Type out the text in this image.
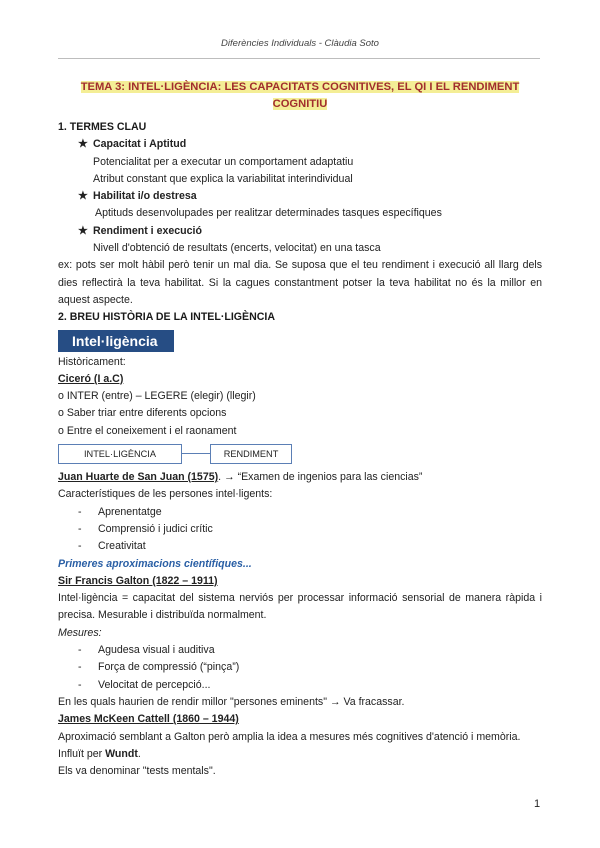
Diferències Individuals - Clàudia Soto
TEMA 3: INTEL·LIGÈNCIA: LES CAPACITATS COGNITIVES, EL QI I EL RENDIMENT
COGNITIU
1. TERMES CLAU
★ Capacitat i Aptitud
Potencialitat per a executar un comportament adaptatiu
Atribut constant que explica la variabilitat interindividual
★ Habilitat i/o destresa
Aptituds desenvolupades per realitzar determinades tasques específiques
★ Rendiment i execució
Nivell d'obtenció de resultats (encerts, velocitat) en una tasca
ex: pots ser molt hàbil però tenir un mal dia. Se suposa que el teu rendiment i execució all llarg dels dies reflectirà la teva habilitat. Si la cagues constantment potser la teva habilitat no és la millor en aquest aspecte.
2. BREU HISTÒRIA DE LA INTEL·LIGÈNCIA
Intel·ligència
Històricament:
Ciceró (I a.C)
o INTER (entre) – LEGERE (elegir) (llegir)
o Saber triar entre diferents opcions
o Entre el coneixement i el raonament
INTEL·LIGÈNCIA	RENDIMENT
Juan Huarte de San Juan (1575). → “Examen de ingenios para las ciencias”
Característiques de les persones intel·ligents:
-	Aprenentatge
-	Comprensió i judici crític
-	Creativitat
Primeres aproximacions científiques...
Sir Francis Galton (1822 – 1911)
Intel·ligència = capacitat del sistema nerviós per processar informació sensorial de manera ràpida i precisa. Mesurable i distribuïda normalment.
Mesures:
-	Agudesa visual i auditiva
-	Força de compressió (“pinça”)
-	Velocitat de percepció...
En les quals haurien de rendir millor "persones eminents" → Va fracassar.
James McKeen Cattell (1860 – 1944)
Aproximació semblant a Galton però amplia la idea a mesures més cognitives d'atenció i memòria.
Influït per Wundt.
Els va denominar "tests mentals".
1
